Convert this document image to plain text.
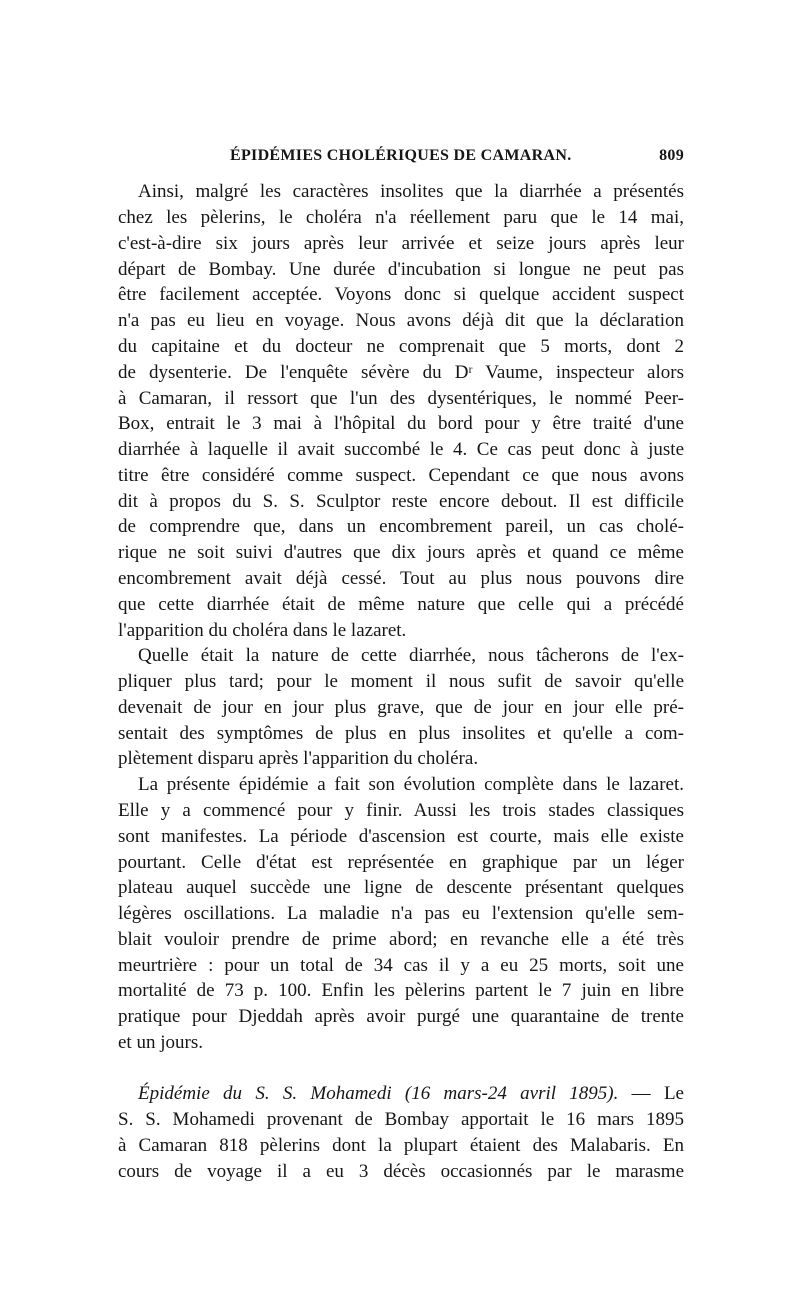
ÉPIDÉMIES CHOLÉRIQUES DE CAMARAN.	809
Ainsi, malgré les caractères insolites que la diarrhée a présentés
chez les pèlerins, le choléra n'a réellement paru que le 14 mai,
c'est-à-dire six jours après leur arrivée et seize jours après leur
départ de Bombay. Une durée d'incubation si longue ne peut pas
être facilement acceptée. Voyons donc si quelque accident suspect
n'a pas eu lieu en voyage. Nous avons déjà dit que la déclaration
du capitaine et du docteur ne comprenait que 5 morts, dont 2
de dysenterie. De l'enquête sévère du Dʳ Vaume, inspecteur alors
à Camaran, il ressort que l'un des dysentériques, le nommé Peer-
Box, entrait le 3 mai à l'hôpital du bord pour y être traité d'une
diarrhée à laquelle il avait succombé le 4. Ce cas peut donc à juste
titre être considéré comme suspect. Cependant ce que nous avons
dit à propos du S. S. Sculptor reste encore debout. Il est difficile
de comprendre que, dans un encombrement pareil, un cas cholé-
rique ne soit suivi d'autres que dix jours après et quand ce même
encombrement avait déjà cessé. Tout au plus nous pouvons dire
que cette diarrhée était de même nature que celle qui a précédé
l'apparition du choléra dans le lazaret.
Quelle était la nature de cette diarrhée, nous tâcherons de l'ex-
pliquer plus tard; pour le moment il nous sufit de savoir qu'elle
devenait de jour en jour plus grave, que de jour en jour elle pré-
sentait des symptômes de plus en plus insolites et qu'elle a com-
plètement disparu après l'apparition du choléra.
La présente épidémie a fait son évolution complète dans le lazaret.
Elle y a commencé pour y finir. Aussi les trois stades classiques
sont manifestes. La période d'ascension est courte, mais elle existe
pourtant. Celle d'état est représentée en graphique par un léger
plateau auquel succède une ligne de descente présentant quelques
légères oscillations. La maladie n'a pas eu l'extension qu'elle sem-
blait vouloir prendre de prime abord; en revanche elle a été très
meurtrière : pour un total de 34 cas il y a eu 25 morts, soit une
mortalité de 73 p. 100. Enfin les pèlerins partent le 7 juin en libre
pratique pour Djeddah après avoir purgé une quarantaine de trente
et un jours.
Épidémie du S. S. Mohamedi (16 mars-24 avril 1895). — Le
S. S. Mohamedi provenant de Bombay apportait le 16 mars 1895
à Camaran 818 pèlerins dont la plupart étaient des Malabaris. En
cours de voyage il a eu 3 décès occasionnés par le marasme
